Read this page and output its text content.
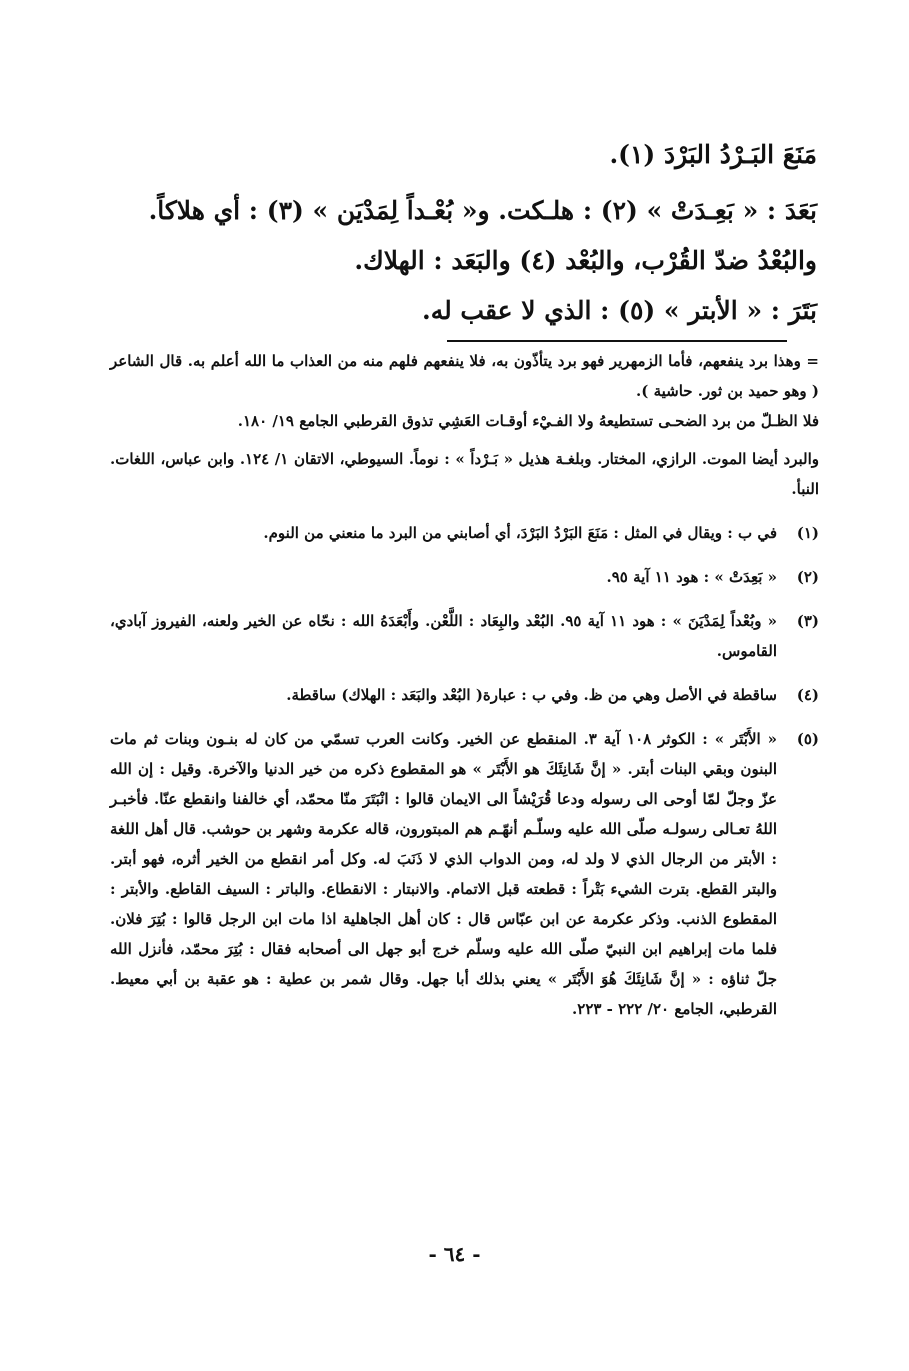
مَنَعَ البَـرْدُ البَرْدَ (١).
بَعَدَ : « بَعِـدَتْ » (٢) : هلـكت. و« بُعْـداً لِمَدْيَن » (٣) : أي هلاكاً.
والبُعْدُ ضدّ القُرْب، والبُعْد (٤) والبَعَد : الهلاك.
بَتَرَ : « الأبتر » (٥) : الذي لا عقب له.

= وهذا برد ينفعهم، فأما الزمهرير فهو برد يتأذّون به، فلا ينفعهم فلهم منه من العذاب ما الله أعلم به. قال الشاعر ( وهو حميد بن ثور. حاشية ).

فلا الظـلّ من برد الضحـى تستطيعهُ ولا الفـيْء أوقـات العَشِي تذوق القرطبي الجامع ١٩/ ١٨٠.

والبرد أيضا الموت. الرازي، المختار. وبلغـة هذيل « بَـرْداً » : نوماً. السيوطي، الاتقان ١/ ١٢٤. وابن عباس، اللغات. النبأ.

(١)
في ب : ويقال في المثل : مَنَعَ البَرْدُ البَرْدَ، أي أصابني من البرد ما منعني من النوم.
(٢)
« بَعِدَتْ » : هود ١١ آية ٩٥.
(٣)
« وبُعْداً لِمَدْيَنَ » : هود ١١ آية ٩٥. البُعْد والبِعَاد : اللَّعْن. وأَبْعَدَهُ الله : نحّاه عن الخير ولعنه، الفيروز آبادي، القاموس.
(٤)
ساقطة في الأصل وهي من ظ. وفي ب : عبارة( البُعْد والبَعَد : الهلاك) ساقطة.
(٥)
« الأَبْتَر » : الكوثر ١٠٨ آية ٣. المنقطع عن الخير. وكانت العرب تسمّي من كان له بنـون وبنات ثم مات البنون وبقي البنات أبتر. « إنَّ شَانِئَكَ هو الأَبْتَر » هو المقطوع ذكره من خير الدنيا والآخرة. وقيل : إن الله عزّ وجلّ لمّا أوحى الى رسوله ودعا قُرَيْشاً الى الايمان قالوا : انْبَتَرَ منّا محمّد، أي خالفنا وانقطع عنّا. فأخبـر اللهُ تعـالى رسولـه صلّى الله عليه وسلّـم أنهّـم هم المبتورون، قاله عكرمة وشهر بن حوشب. قال أهل اللغة : الأبتر من الرجال الذي لا ولد له، ومن الدواب الذي لا ذَنَبَ له. وكل أمر انقطع من الخير أثره، فهو أبتر. والبتر القطع. بترت الشيء بَتْراً : قطعته قبل الاتمام. والانبتار : الانقطاع. والباتر : السيف القاطع. والأبتر : المقطوع الذنب. وذكر عكرمة عن ابن عبّاس قال : كان أهل الجاهلية اذا مات ابن الرجل قالوا : بُتِرَ فلان. فلما مات إبراهيم ابن النبيّ صلّى الله عليه وسلّم خرج أبو جهل الى أصحابه فقال : بُتِرَ محمّد، فأنزل الله جلّ ثناؤه : « إنَّ شَانِئَكَ هُوَ الأَبْتَر » يعني بذلك أبا جهل. وقال شمر بن عطية : هو عقبة بن أبي معيط. القرطبي، الجامع ٢٠/ ٢٢٢ - ٢٢٣.
- ٦٤ -
